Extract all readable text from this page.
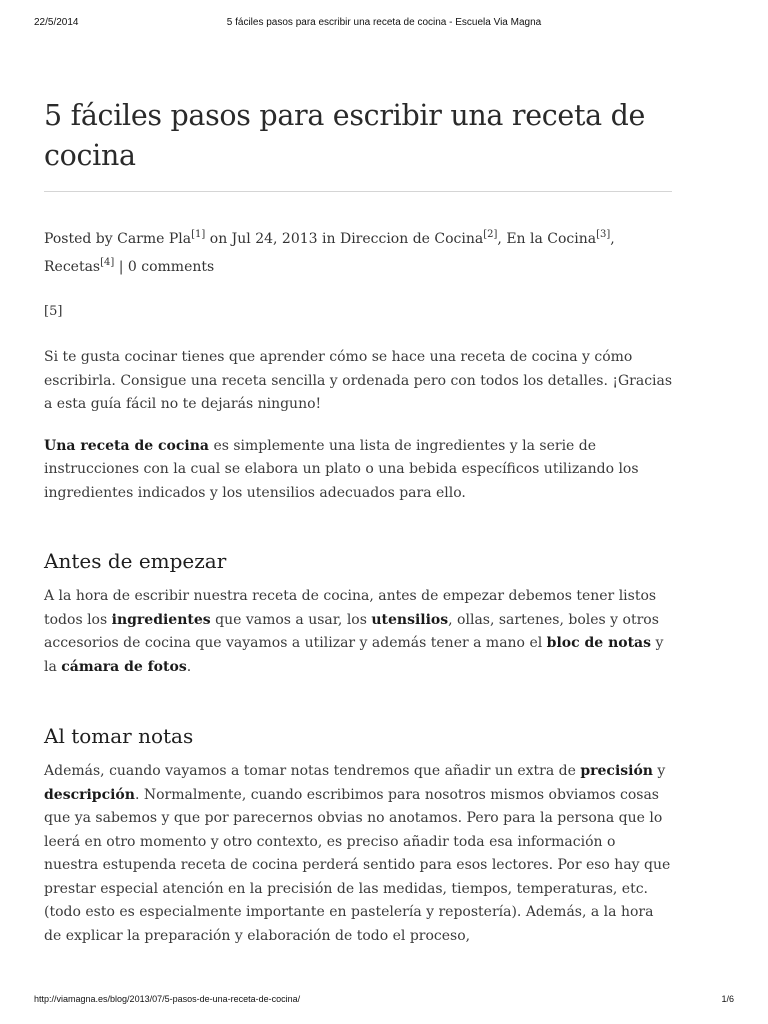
22/5/2014	5 fáciles pasos para escribir una receta de cocina - Escuela Via Magna
5 fáciles pasos para escribir una receta de cocina
Posted by Carme Pla[1] on Jul 24, 2013 in Direccion de Cocina[2], En la Cocina[3], Recetas[4] | 0 comments
[5]

Si te gusta cocinar tienes que aprender cómo se hace una receta de cocina y cómo escribirla. Consigue una receta sencilla y ordenada pero con todos los detalles. ¡Gracias a esta guía fácil no te dejarás ninguno!

Una receta de cocina es simplemente una lista de ingredientes y la serie de instrucciones con la cual se elabora un plato o una bebida específicos utilizando los ingredientes indicados y los utensilios adecuados para ello.

Antes de empezar

A la hora de escribir nuestra receta de cocina, antes de empezar debemos tener listos todos los ingredientes que vamos a usar, los utensilios, ollas, sartenes, boles y otros accesorios de cocina que vayamos a utilizar y además tener a mano el bloc de notas y la cámara de fotos.

Al tomar notas

Además, cuando vayamos a tomar notas tendremos que añadir un extra de precisión y descripción. Normalmente, cuando escribimos para nosotros mismos obviamos cosas que ya sabemos y que por parecernos obvias no anotamos. Pero para la persona que lo leerá en otro momento y otro contexto, es preciso añadir toda esa información o nuestra estupenda receta de cocina perderá sentido para esos lectores. Por eso hay que prestar especial atención en la precisión de las medidas, tiempos, temperaturas, etc. (todo esto es especialmente importante en pastelería y repostería). Además, a la hora de explicar la preparación y elaboración de todo el proceso,

http://viamagna.es/blog/2013/07/5-pasos-de-una-receta-de-cocina/	1/6
